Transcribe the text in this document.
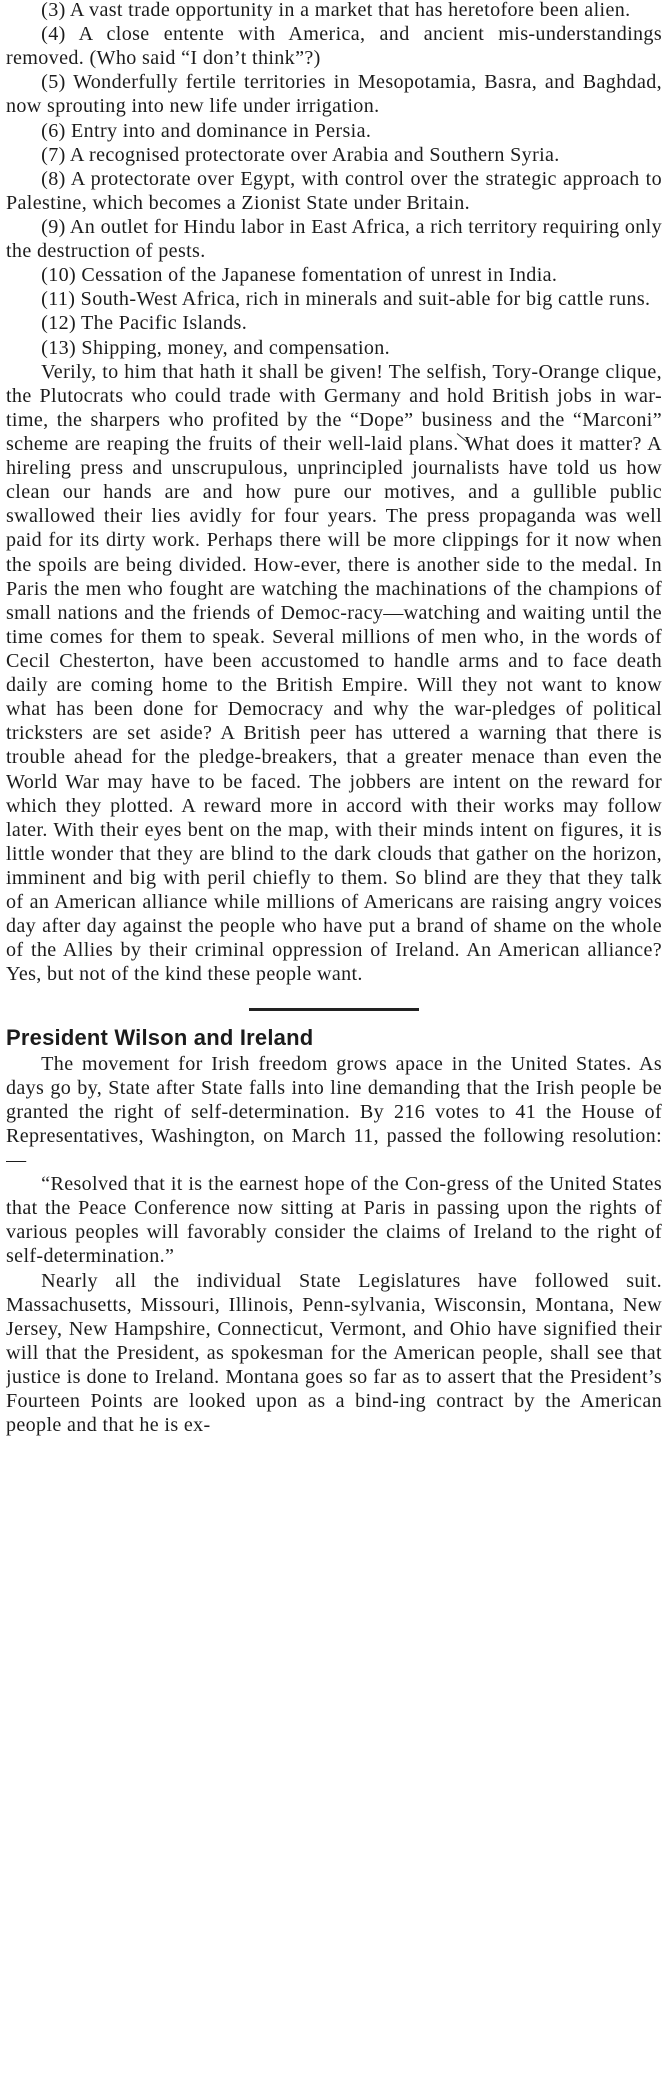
(3) A vast trade opportunity in a market that has heretofore been alien.

(4) A close entente with America, and ancient mis-understandings removed. (Who said “I don’t think”?)

(5) Wonderfully fertile territories in Mesopotamia, Basra, and Baghdad, now sprouting into new life under irrigation.

(6) Entry into and dominance in Persia.

(7) A recognised protectorate over Arabia and Southern Syria.

(8) A protectorate over Egypt, with control over the strategic approach to Palestine, which becomes a Zionist State under Britain.

(9) An outlet for Hindu labor in East Africa, a rich territory requiring only the destruction of pests.

(10) Cessation of the Japanese fomentation of unrest in India.

(11) South-West Africa, rich in minerals and suit-able for big cattle runs.

(12) The Pacific Islands.

(13) Shipping, money, and compensation.

Verily, to him that hath it shall be given! The selfish, Tory-Orange clique, the Plutocrats who could trade with Germany and hold British jobs in war-time, the sharpers who profited by the “Dope” business and the “Marconi” scheme are reaping the fruits of their well-laid plans. What does it matter? A hireling press and unscrupulous, unprincipled journalists have told us how clean our hands are and how pure our motives, and a gullible public swallowed their lies avidly for four years. The press propaganda was well paid for its dirty work. Perhaps there will be more clippings for it now when the spoils are being divided. How-ever, there is another side to the medal. In Paris the men who fought are watching the machinations of the champions of small nations and the friends of Democ-racy—watching and waiting until the time comes for them to speak. Several millions of men who, in the words of Cecil Chesterton, have been accustomed to handle arms and to face death daily are coming home to the British Empire. Will they not want to know what has been done for Democracy and why the war-pledges of political tricksters are set aside? A British peer has uttered a warning that there is trouble ahead for the pledge-breakers, that a greater menace than even the World War may have to be faced. The jobbers are intent on the reward for which they plotted. A reward more in accord with their works may follow later. With their eyes bent on the map, with their minds intent on figures, it is little wonder that they are blind to the dark clouds that gather on the horizon, imminent and big with peril chiefly to them. So blind are they that they talk of an American alliance while millions of Americans are raising angry voices day after day against the people who have put a brand of shame on the whole of the Allies by their criminal oppression of Ireland. An American alliance? Yes, but not of the kind these people want.

President Wilson and Ireland

The movement for Irish freedom grows apace in the United States. As days go by, State after State falls into line demanding that the Irish people be granted the right of self-determination. By 216 votes to 41 the House of Representatives, Washington, on March 11, passed the following resolution:—

“Resolved that it is the earnest hope of the Con-gress of the United States that the Peace Conference now sitting at Paris in passing upon the rights of various peoples will favorably consider the claims of Ireland to the right of self-determination.”

Nearly all the individual State Legislatures have followed suit. Massachusetts, Missouri, Illinois, Penn-sylvania, Wisconsin, Montana, New Jersey, New Hampshire, Connecticut, Vermont, and Ohio have signified their will that the President, as spokesman for the American people, shall see that justice is done to Ireland. Montana goes so far as to assert that the President’s Fourteen Points are looked upon as a bind-ing contract by the American people and that he is ex-
